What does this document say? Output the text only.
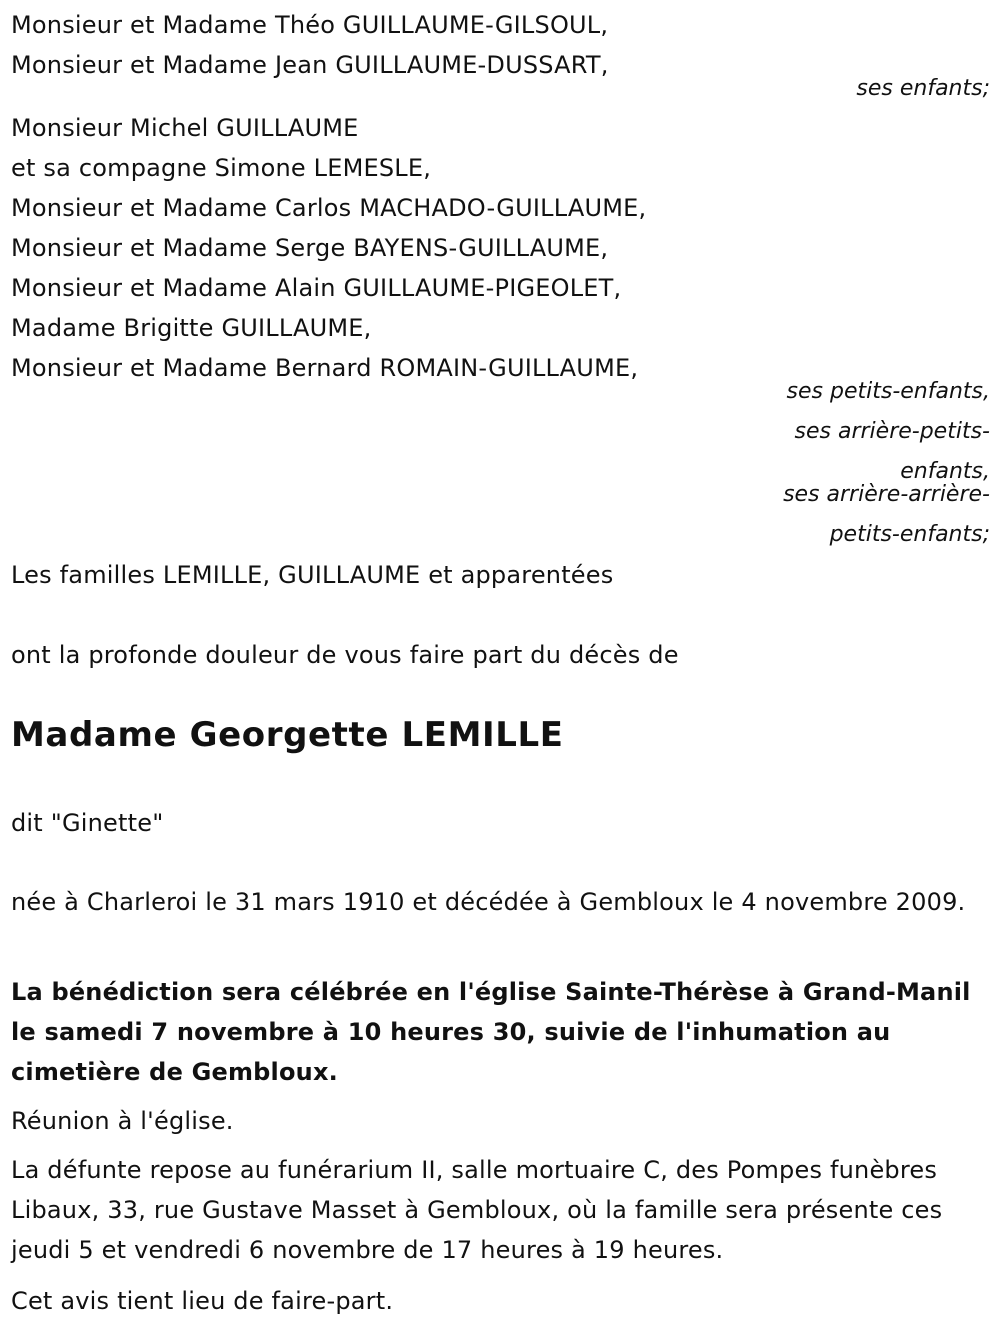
Monsieur et Madame Théo GUILLAUME-GILSOUL,
Monsieur et Madame Jean GUILLAUME-DUSSART,
ses enfants;
Monsieur Michel GUILLAUME
et sa compagne Simone LEMESLE,
Monsieur et Madame Carlos MACHADO-GUILLAUME,
Monsieur et Madame Serge BAYENS-GUILLAUME,
Monsieur et Madame Alain GUILLAUME-PIGEOLET,
Madame Brigitte GUILLAUME,
Monsieur et Madame Bernard ROMAIN-GUILLAUME,
ses petits-enfants,
ses arrière-petits-
enfants,
ses arrière-arrière-
petits-enfants;
Les familles LEMILLE, GUILLAUME et apparentées
ont la profonde douleur de vous faire part du décès de
Madame Georgette LEMILLE
dit "Ginette"
née à Charleroi le 31 mars 1910 et décédée à Gembloux le 4 novembre 2009.
La bénédiction sera célébrée en l'église Sainte-Thérèse à Grand-Manil le samedi 7 novembre à 10 heures 30, suivie de l'inhumation au cimetière de Gembloux.
Réunion à l'église.
La défunte repose au funérarium II, salle mortuaire C, des Pompes funèbres Libaux, 33, rue Gustave Masset à Gembloux, où la famille sera présente ces jeudi 5 et vendredi 6 novembre de 17 heures à 19 heures.
Cet avis tient lieu de faire-part.
